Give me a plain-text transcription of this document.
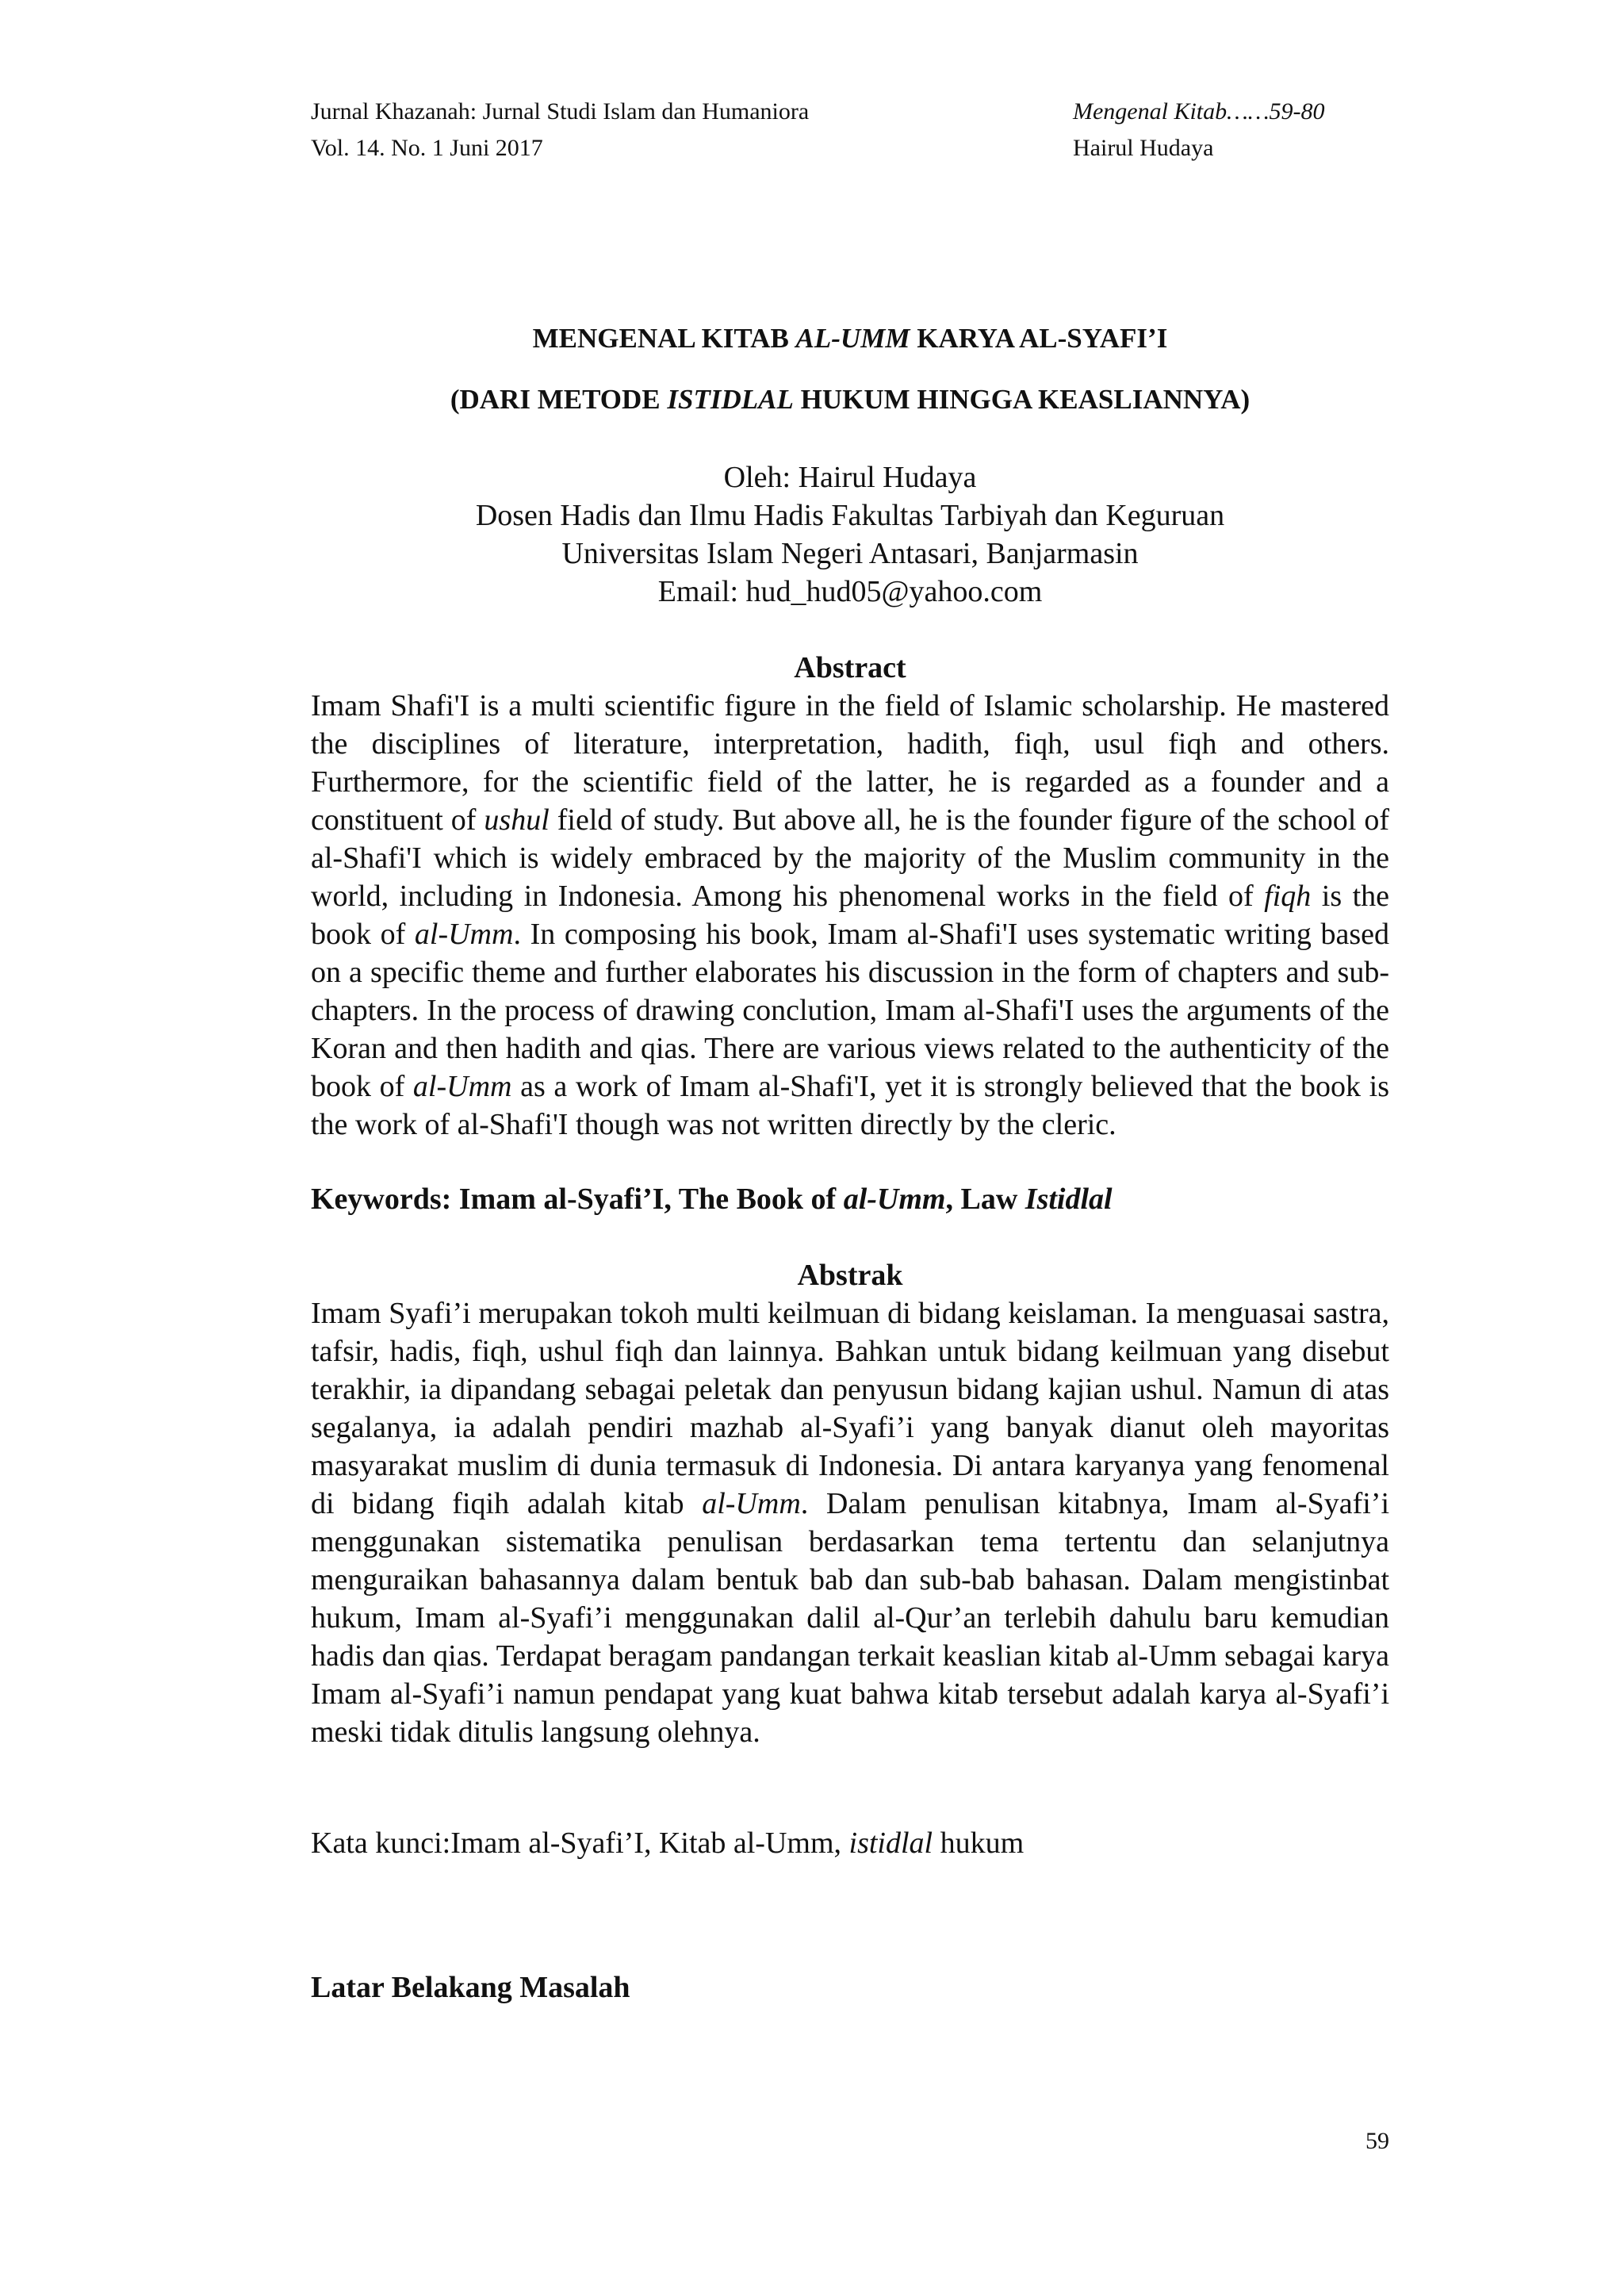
Jurnal Khazanah: Jurnal Studi Islam dan Humaniora
Vol. 14. No. 1 Juni 2017
Mengenal Kitab……59-80
Hairul Hudaya
MENGENAL KITAB AL-UMM KARYA AL-SYAFI’I
(DARI METODE ISTIDLAL HUKUM HINGGA KEASLIANNYA)
Oleh: Hairul Hudaya
Dosen Hadis dan Ilmu Hadis Fakultas Tarbiyah dan Keguruan
Universitas Islam Negeri Antasari, Banjarmasin
Email: hud_hud05@yahoo.com
Abstract

Imam Shafi'I is a multi scientific figure in the field of Islamic scholarship. He mastered the disciplines of literature, interpretation, hadith, fiqh, usul fiqh and others. Furthermore, for the scientific field of the latter, he is regarded as a founder and a constituent of ushul field of study. But above all, he is the founder figure of the school of al-Shafi'I which is widely embraced by the majority of the Muslim community in the world, including in Indonesia. Among his phenomenal works in the field of fiqh is the book of al-Umm. In composing his book, Imam al-Shafi'I uses systematic writing based on a specific theme and further elaborates his discussion in the form of chapters and sub-chapters. In the process of drawing conclution, Imam al-Shafi'I uses the arguments of the Koran and then hadith and qias. There are various views related to the authenticity of the book of al-Umm as a work of Imam al-Shafi'I, yet it is strongly believed that the book is the work of al-Shafi'I though was not written directly by the cleric.

Keywords: Imam al-Syafi’I, The Book of al-Umm, Law Istidlal
Abstrak

Imam Syafi’i merupakan tokoh multi keilmuan di bidang keislaman. Ia menguasai sastra, tafsir, hadis, fiqh, ushul fiqh dan lainnya. Bahkan untuk bidang keilmuan yang disebut terakhir, ia dipandang sebagai peletak dan penyusun bidang kajian ushul. Namun di atas segalanya, ia adalah pendiri mazhab al-Syafi’i yang banyak dianut oleh mayoritas masyarakat muslim di dunia termasuk di Indonesia. Di antara karyanya yang fenomenal di bidang fiqih adalah kitab al-Umm. Dalam penulisan kitabnya, Imam al-Syafi’i menggunakan sistematika penulisan berdasarkan tema tertentu dan selanjutnya menguraikan bahasannya dalam bentuk bab dan sub-bab bahasan. Dalam mengistinbat hukum, Imam al-Syafi’i menggunakan dalil al-Qur’an terlebih dahulu baru kemudian hadis dan qias. Terdapat beragam pandangan terkait keaslian kitab al-Umm sebagai karya Imam al-Syafi’i namun pendapat yang kuat bahwa kitab tersebut adalah karya al-Syafi’i meski tidak ditulis langsung olehnya.

Kata kunci:Imam al-Syafi’I, Kitab al-Umm, istidlal hukum
Latar Belakang Masalah
59
